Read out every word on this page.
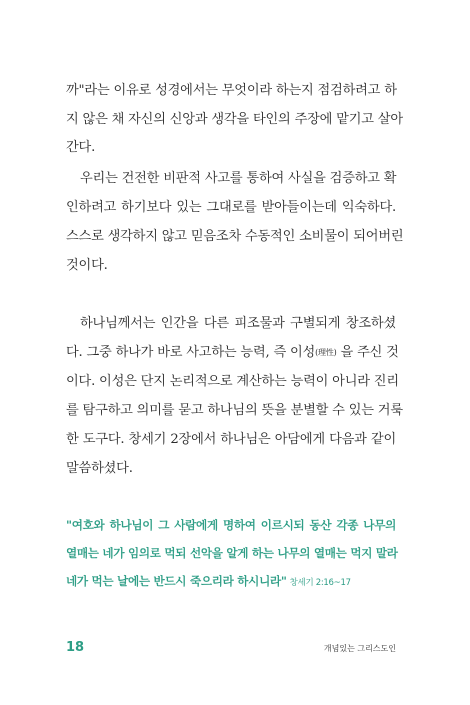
까"라는 이유로 성경에서는 무엇이라 하는지 점검하려고 하
지 않은 채 자신의 신앙과 생각을 타인의 주장에 맡기고 살아
간다.
우리는 건전한 비판적 사고를 통하여 사실을 검증하고 확
인하려고 하기보다 있는 그대로를 받아들이는데 익숙하다.
스스로 생각하지 않고 믿음조차 수동적인 소비물이 되어버린
것이다.
하나님께서는 인간을 다른 피조물과 구별되게 창조하셨
다. 그중 하나가 바로 사고하는 능력, 즉 이성(理性) 을 주신 것
이다. 이성은 단지 논리적으로 계산하는 능력이 아니라 진리
를 탐구하고 의미를 묻고 하나님의 뜻을 분별할 수 있는 거룩
한 도구다. 창세기 2장에서 하나님은 아담에게 다음과 같이
말씀하셨다.
"여호와 하나님이 그 사람에게 명하여 이르시되 동산 각종 나무의
열매는 네가 임의로 먹되 선악을 알게 하는 나무의 열매는 먹지 말라
네가 먹는 날에는 반드시 죽으리라 하시니라" 창세기 2:16~17
18	개념있는 그리스도인
